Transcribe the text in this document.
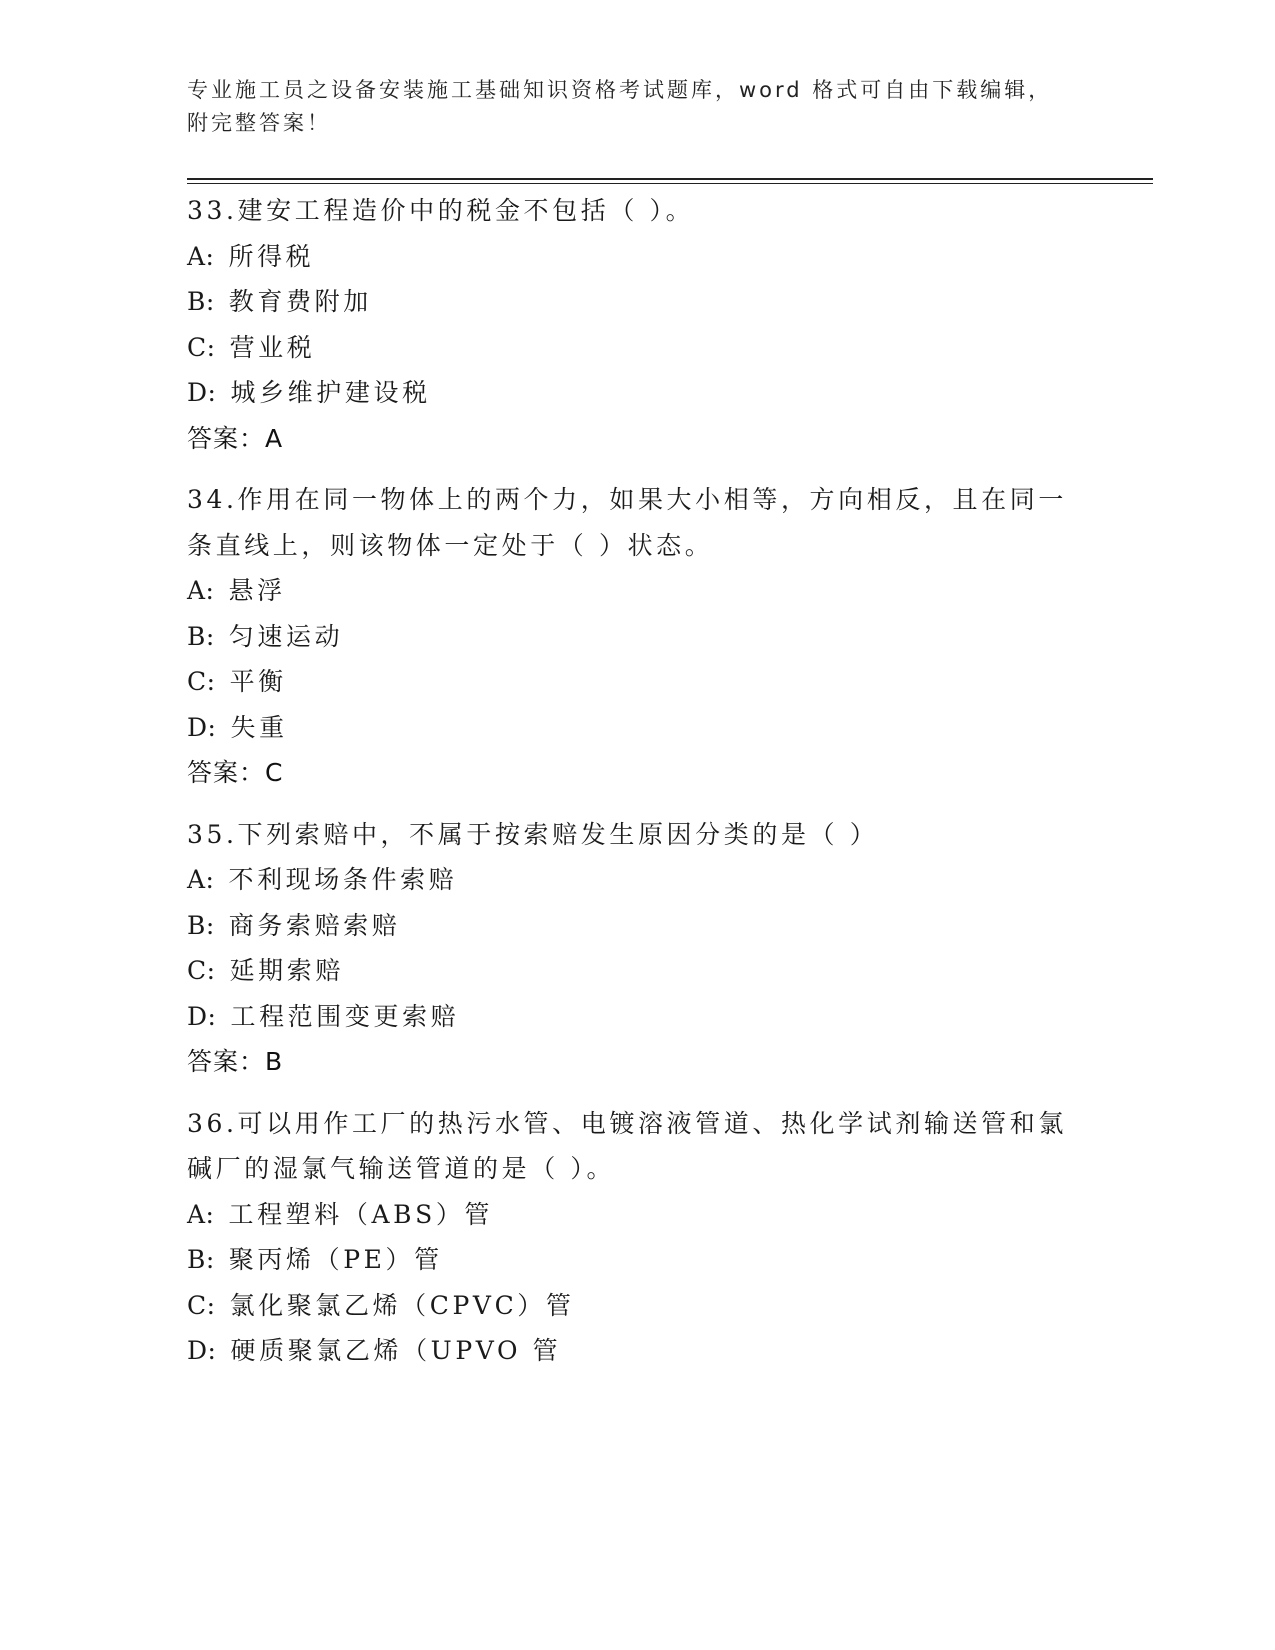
专业施工员之设备安装施工基础知识资格考试题库，word 格式可自由下载编辑，
附完整答案！
33.建安工程造价中的税金不包括（ ）。
A: 所得税
B: 教育费附加
C: 营业税
D: 城乡维护建设税
答案：A
34.作用在同一物体上的两个力，如果大小相等，方向相反，且在同一
条直线上，则该物体一定处于（ ）状态。
A: 悬浮
B: 匀速运动
C: 平衡
D: 失重
答案：C
35.下列索赔中，不属于按索赔发生原因分类的是（ ）
A: 不利现场条件索赔
B: 商务索赔索赔
C: 延期索赔
D: 工程范围变更索赔
答案：B
36.可以用作工厂的热污水管、电镀溶液管道、热化学试剂输送管和氯
碱厂的湿氯气输送管道的是（ ）。
A: 工程塑料（ABS）管
B: 聚丙烯（PE）管
C: 氯化聚氯乙烯（CPVC）管
D: 硬质聚氯乙烯（UPVO 管
